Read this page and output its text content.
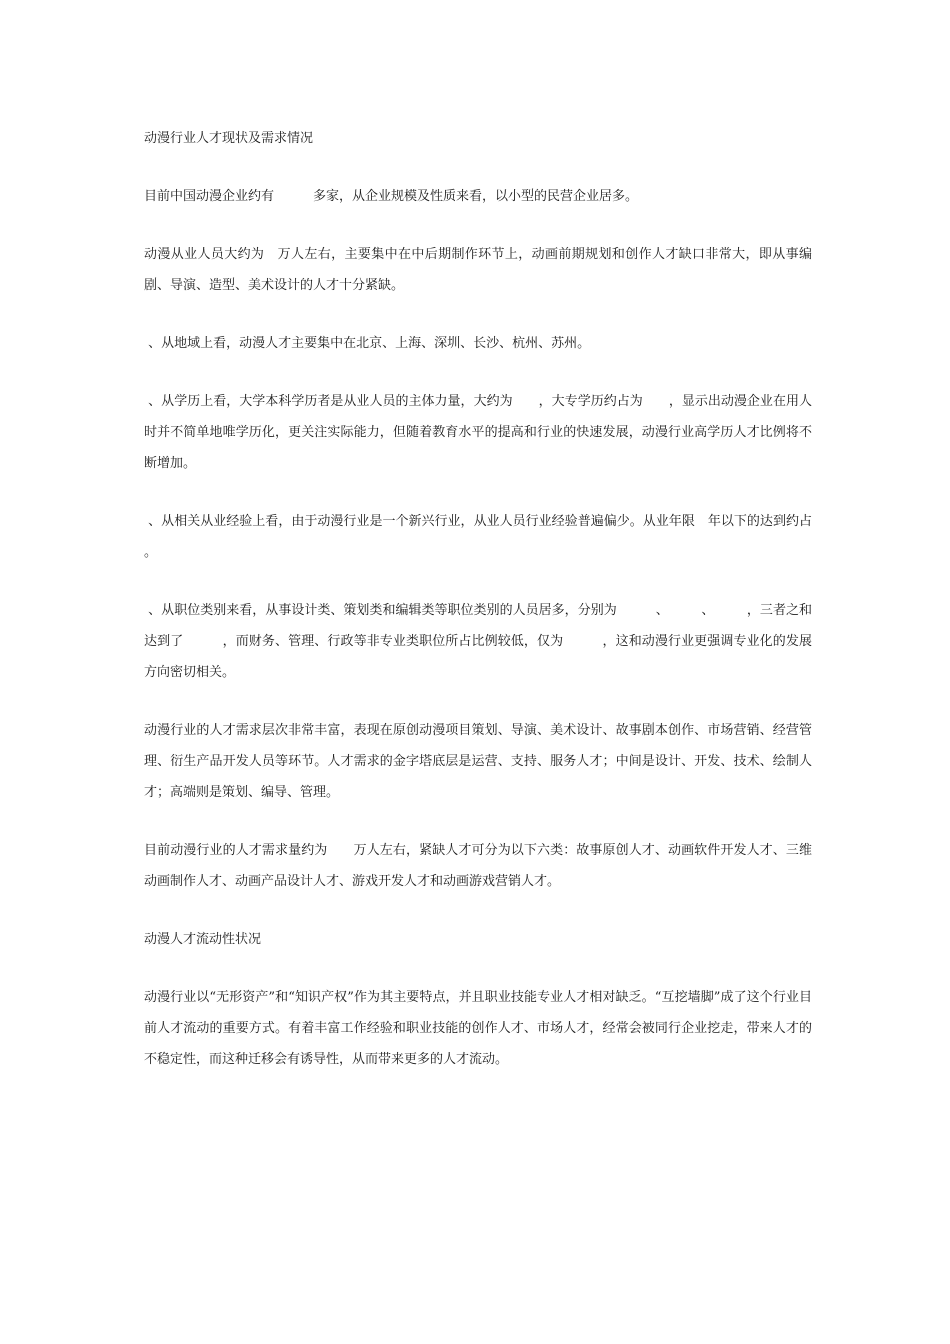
动漫行业人才现状及需求情况

目前中国动漫企业约有　　　多家，从企业规模及性质来看，以小型的民营企业居多。

动漫从业人员大约为　万人左右，主要集中在中后期制作环节上，动画前期规划和创作人才缺口非常大，即从事编剧、导演、造型、美术设计的人才十分紧缺。

、从地域上看，动漫人才主要集中在北京、上海、深圳、长沙、杭州、苏州。

、从学历上看，大学本科学历者是从业人员的主体力量，大约为　　，大专学历约占为　　，显示出动漫企业在用人时并不简单地唯学历化，更关注实际能力，但随着教育水平的提高和行业的快速发展，动漫行业高学历人才比例将不断增加。

、从相关从业经验上看，由于动漫行业是一个新兴行业，从业人员行业经验普遍偏少。从业年限　年以下的达到约占　　。

、从职位类别来看，从事设计类、策划类和编辑类等职位类别的人员居多，分别为　　　、　　　、　　　，三者之和达到了　　　，而财务、管理、行政等非专业类职位所占比例较低，仅为　　　，这和动漫行业更强调专业化的发展方向密切相关。

动漫行业的人才需求层次非常丰富，表现在原创动漫项目策划、导演、美术设计、故事剧本创作、市场营销、经营管理、衍生产品开发人员等环节。人才需求的金字塔底层是运营、支持、服务人才；中间是设计、开发、技术、绘制人才；高端则是策划、编导、管理。

目前动漫行业的人才需求量约为　　万人左右，紧缺人才可分为以下六类：故事原创人才、动画软件开发人才、三维动画制作人才、动画产品设计人才、游戏开发人才和动画游戏营销人才。

动漫人才流动性状况

动漫行业以“无形资产”和“知识产权”作为其主要特点，并且职业技能专业人才相对缺乏。“互挖墙脚”成了这个行业目前人才流动的重要方式。有着丰富工作经验和职业技能的创作人才、市场人才，经常会被同行企业挖走，带来人才的不稳定性，而这种迁移会有诱导性，从而带来更多的人才流动。
